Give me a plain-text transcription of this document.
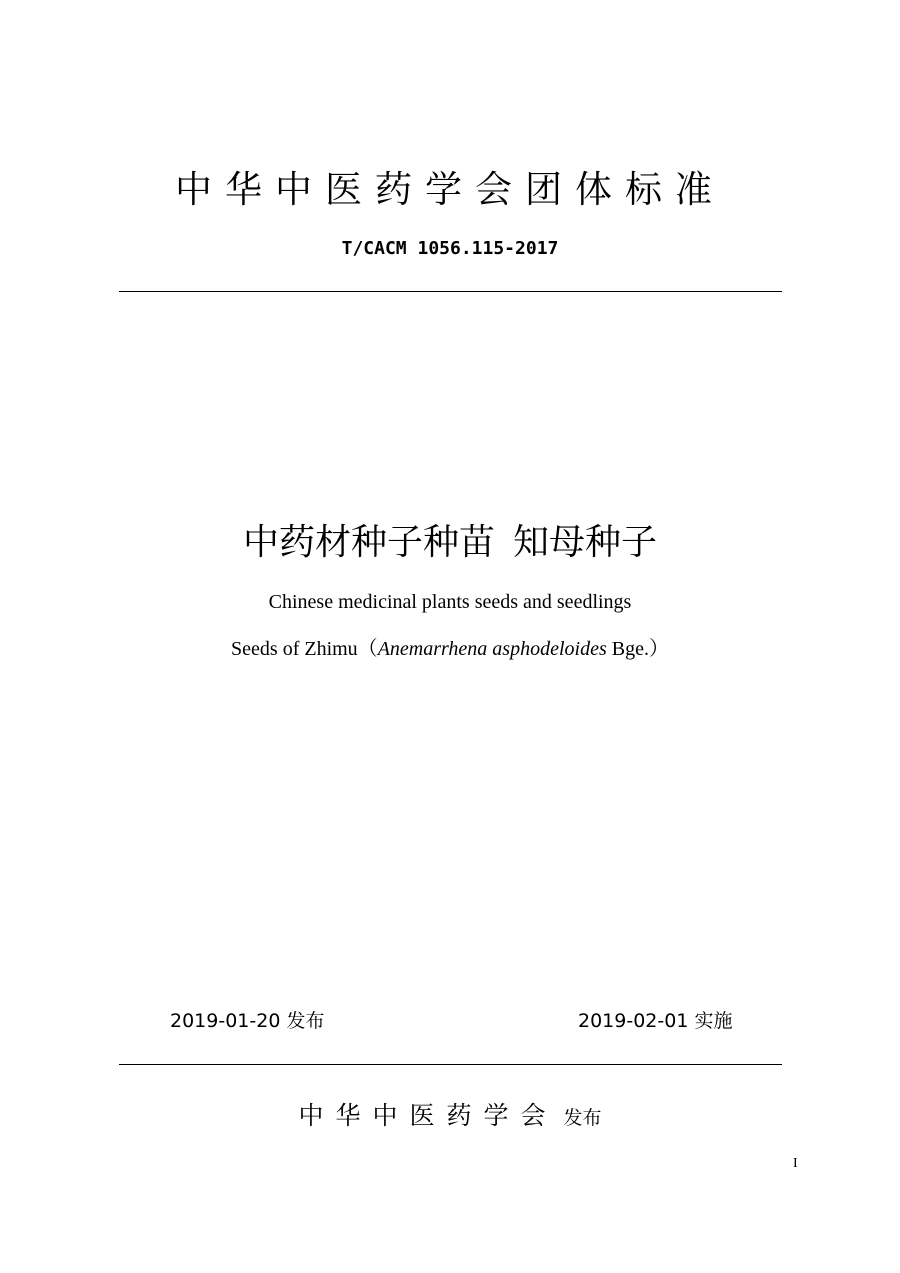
中华中医药学会团体标准
T/CACM 1056.115-2017
中药材种子种苗 知母种子
Chinese medicinal plants seeds and seedlings
Seeds of Zhimu（Anemarrhena asphodeloides Bge.）
2019-01-20 发布	2019-02-01 实施
中华中医药学会 发布
I
